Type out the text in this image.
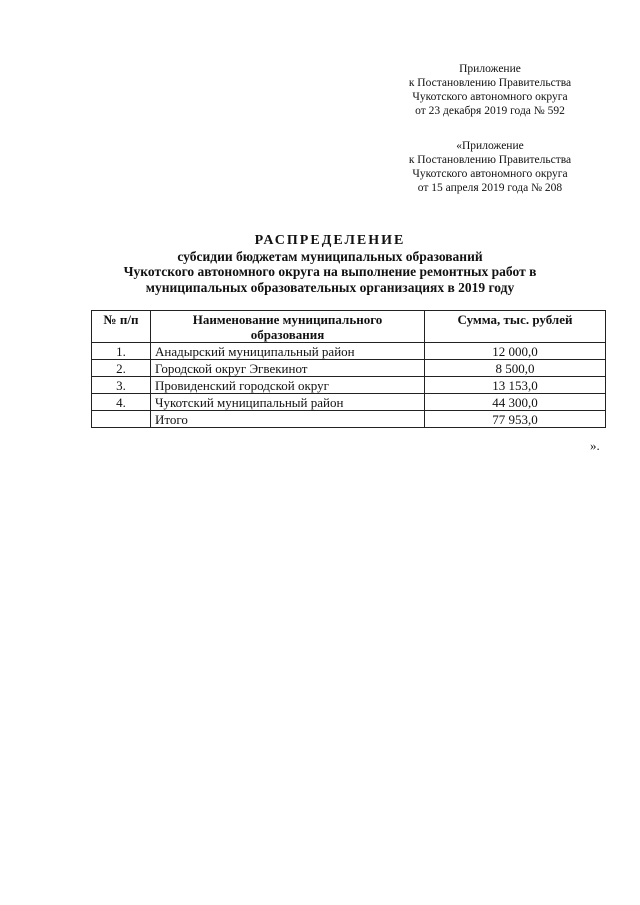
Приложение
к Постановлению Правительства
Чукотского автономного округа
от 23 декабря 2019 года № 592
«Приложение
к Постановлению Правительства
Чукотского автономного округа
от 15 апреля 2019 года № 208
РАСПРЕДЕЛЕНИЕ
субсидии бюджетам муниципальных образований
Чукотского автономного округа на выполнение ремонтных работ в
муниципальных образовательных организациях в 2019 году
№ п/п	Наименование муниципального образования	Сумма, тыс. рублей
1.	Анадырский муниципальный район	12 000,0
2.	Городской округ Эгвекинот	8 500,0
3.	Провиденский городской округ	13 153,0
4.	Чукотский муниципальный район	44 300,0
	Итого	77 953,0
».
